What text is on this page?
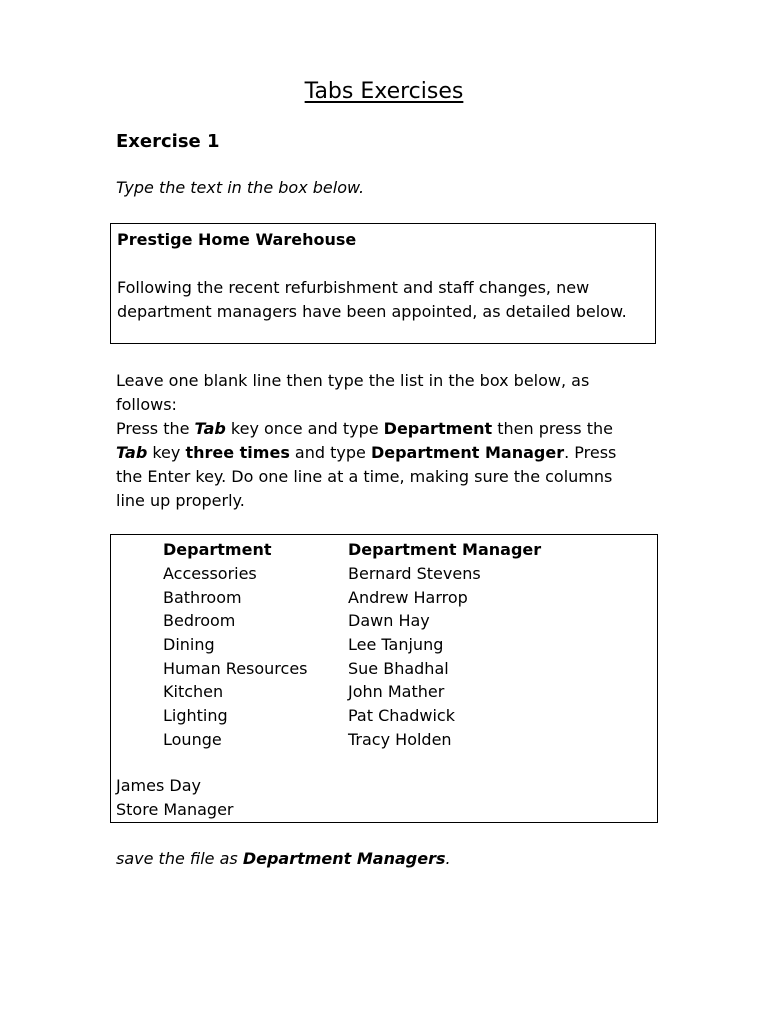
Tabs Exercises
Exercise 1
Type the text in the box below.
Prestige Home Warehouse
Following the recent refurbishment and staff changes, new department managers have been appointed, as detailed below.

Leave one blank line then type the list in the box below, as follows:

Press the Tab key once and type Department then press the Tab key three times and type Department Manager. Press the Enter key. Do one line at a time, making sure the columns line up properly.

Department	Department Manager
Accessories	Bernard Stevens
Bathroom	Andrew Harrop
Bedroom	Dawn Hay
Dining	Lee Tanjung
Human Resources	Sue Bhadhal
Kitchen	John Mather
Lighting	Pat Chadwick
Lounge	Tracy Holden
James Day
Store Manager
save the file as Department Managers.
